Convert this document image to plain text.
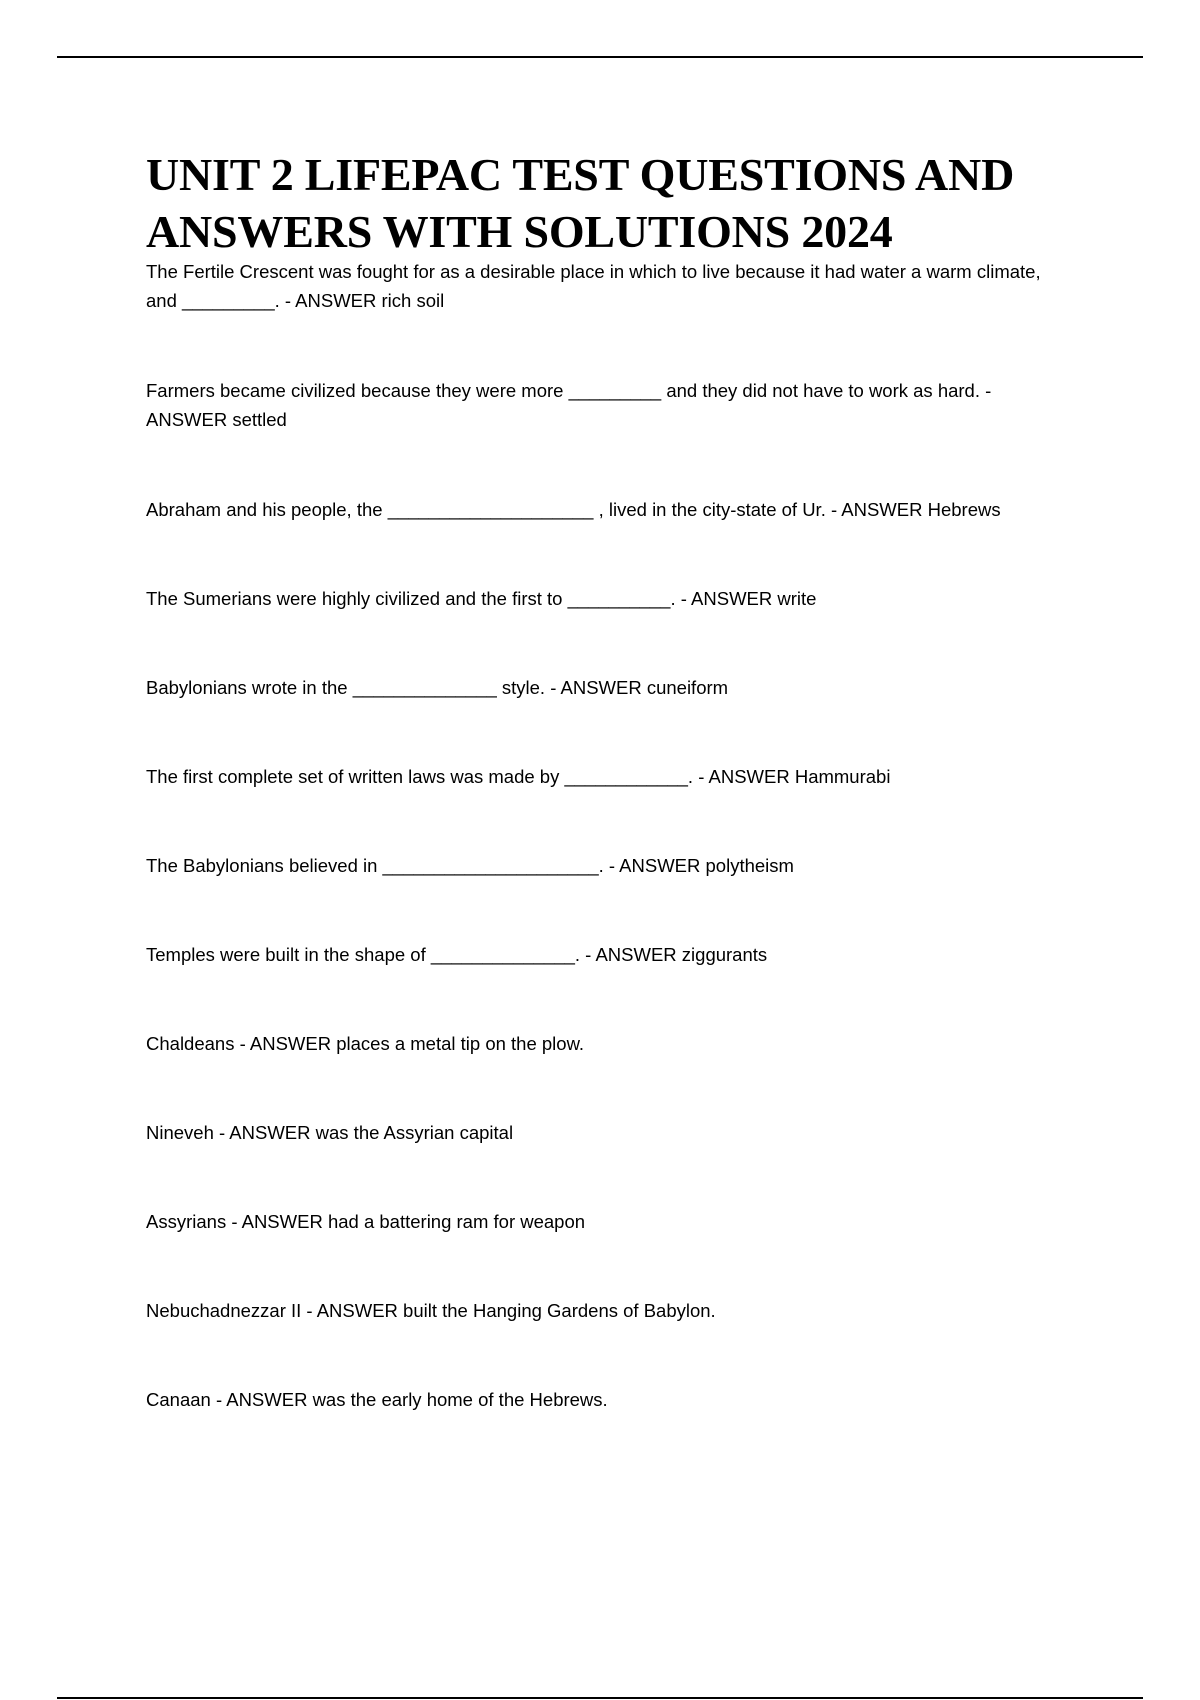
UNIT 2 LIFEPAC TEST QUESTIONS AND ANSWERS WITH SOLUTIONS 2024
The Fertile Crescent was fought for as a desirable place in which to live because it had water a warm climate, and _________. - ANSWER rich soil
Farmers became civilized because they were more _________ and they did not have to work as hard. - ANSWER settled
Abraham and his people, the ____________________ , lived in the city-state of Ur. - ANSWER Hebrews
The Sumerians were highly civilized and the first to __________. - ANSWER write
Babylonians wrote in the ______________ style. - ANSWER cuneiform
The first complete set of written laws was made by ____________. - ANSWER Hammurabi
The Babylonians believed in _____________________. - ANSWER polytheism
Temples were built in the shape of ______________. - ANSWER ziggurants
Chaldeans - ANSWER places a metal tip on the plow.
Nineveh - ANSWER was the Assyrian capital
Assyrians - ANSWER had a battering ram for weapon
Nebuchadnezzar II - ANSWER built the Hanging Gardens of Babylon.
Canaan - ANSWER was the early home of the Hebrews.
